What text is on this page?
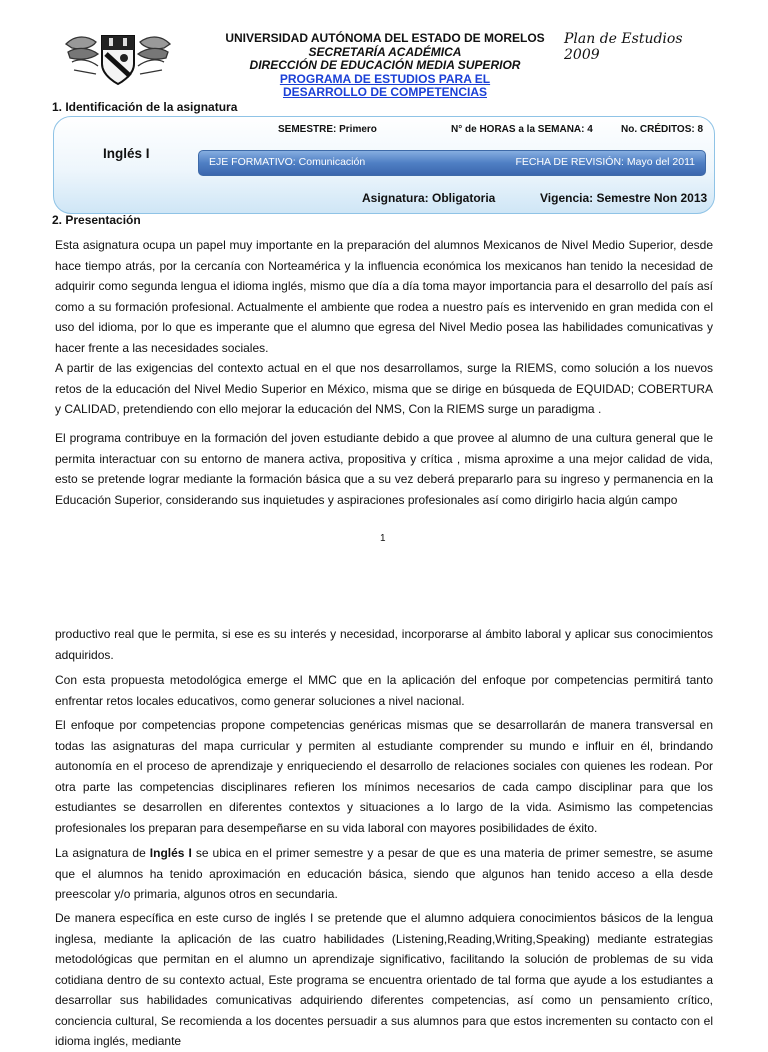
UNIVERSIDAD AUTÓNOMA DEL ESTADO DE MORELOS
SECRETARÍA ACADÉMICA
DIRECCIÓN DE EDUCACIÓN MEDIA SUPERIOR
PROGRAMA DE ESTUDIOS PARA EL
DESARROLLO DE COMPETENCIAS
Plan de Estudios 2009
1. Identificación de la asignatura
Inglés I
SEMESTRE: Primero	N° de HORAS a la SEMANA: 4	No. CRÉDITOS: 8
EJE FORMATIVO: Comunicación	FECHA DE REVISIÓN: Mayo del 2011
Asignatura: Obligatoria	Vigencia: Semestre Non 2013
2. Presentación

Esta asignatura ocupa un papel muy importante en la preparación del alumnos Mexicanos de Nivel Medio Superior, desde hace tiempo atrás, por la cercanía con Norteamérica y la influencia económica los mexicanos han tenido la necesidad de adquirir como segunda lengua el idioma inglés, mismo que día a día toma mayor importancia para el desarrollo del país así como a su formación profesional. Actualmente el ambiente que rodea a nuestro país es intervenido en gran medida con el uso del idioma, por lo que es imperante que el alumno que egresa del Nivel Medio posea las habilidades comunicativas y hacer frente a las necesidades sociales.

A partir de las exigencias del contexto actual en el que nos desarrollamos, surge la RIEMS, como solución a los nuevos retos de la educación del Nivel Medio Superior en México, misma que se dirige en búsqueda de EQUIDAD; COBERTURA y CALIDAD, pretendiendo con ello mejorar la educación del NMS, Con la RIEMS surge un paradigma .

El programa contribuye en la formación del joven estudiante debido a que provee al alumno de una cultura general que le permita interactuar con su entorno de manera activa, propositiva y crítica , misma aproxime a una mejor calidad de vida, esto se pretende lograr mediante la formación básica que a su vez deberá prepararlo para su ingreso y permanencia en la Educación Superior, considerando sus inquietudes y aspiraciones profesionales así como dirigirlo hacia algún campo

1

productivo real que le permita, si ese es su interés y necesidad, incorporarse al ámbito laboral y aplicar sus conocimientos adquiridos.

Con esta propuesta metodológica emerge el MMC que en la aplicación del enfoque por competencias permitirá tanto enfrentar retos locales educativos, como generar soluciones a nivel nacional.

El enfoque por competencias propone competencias genéricas mismas que se desarrollarán de manera transversal en todas las asignaturas del mapa curricular y permiten al estudiante comprender su mundo e influir en él, brindando autonomía en el proceso de aprendizaje y enriqueciendo el desarrollo de relaciones sociales con quienes les rodean. Por otra parte las competencias disciplinares refieren los mínimos necesarios de cada campo disciplinar para que los estudiantes se desarrollen en diferentes contextos y situaciones a lo largo de la vida. Asimismo las competencias profesionales los preparan para desempeñarse en su vida laboral con mayores posibilidades de éxito.

La asignatura de Inglés I se ubica en el primer semestre y a pesar de que es una materia de primer semestre, se asume que el alumnos ha tenido aproximación en educación básica, siendo que algunos han tenido acceso a ella desde preescolar y/o primaria, algunos otros en secundaria.

De manera específica en este curso de inglés I se pretende que el alumno adquiera conocimientos básicos de la lengua inglesa, mediante la aplicación de las cuatro habilidades (Listening,Reading,Writing,Speaking) mediante estrategias metodológicas que permitan en el alumno un aprendizaje significativo, facilitando la solución de problemas de su vida cotidiana dentro de su contexto actual, Este programa se encuentra orientado de tal forma que ayude a los estudiantes a desarrollar sus habilidades comunicativas adquiriendo diferentes competencias, así como un pensamiento crítico, conciencia cultural, Se recomienda a los docentes persuadir a sus alumnos para que estos incrementen su contacto con el idioma inglés, mediante
